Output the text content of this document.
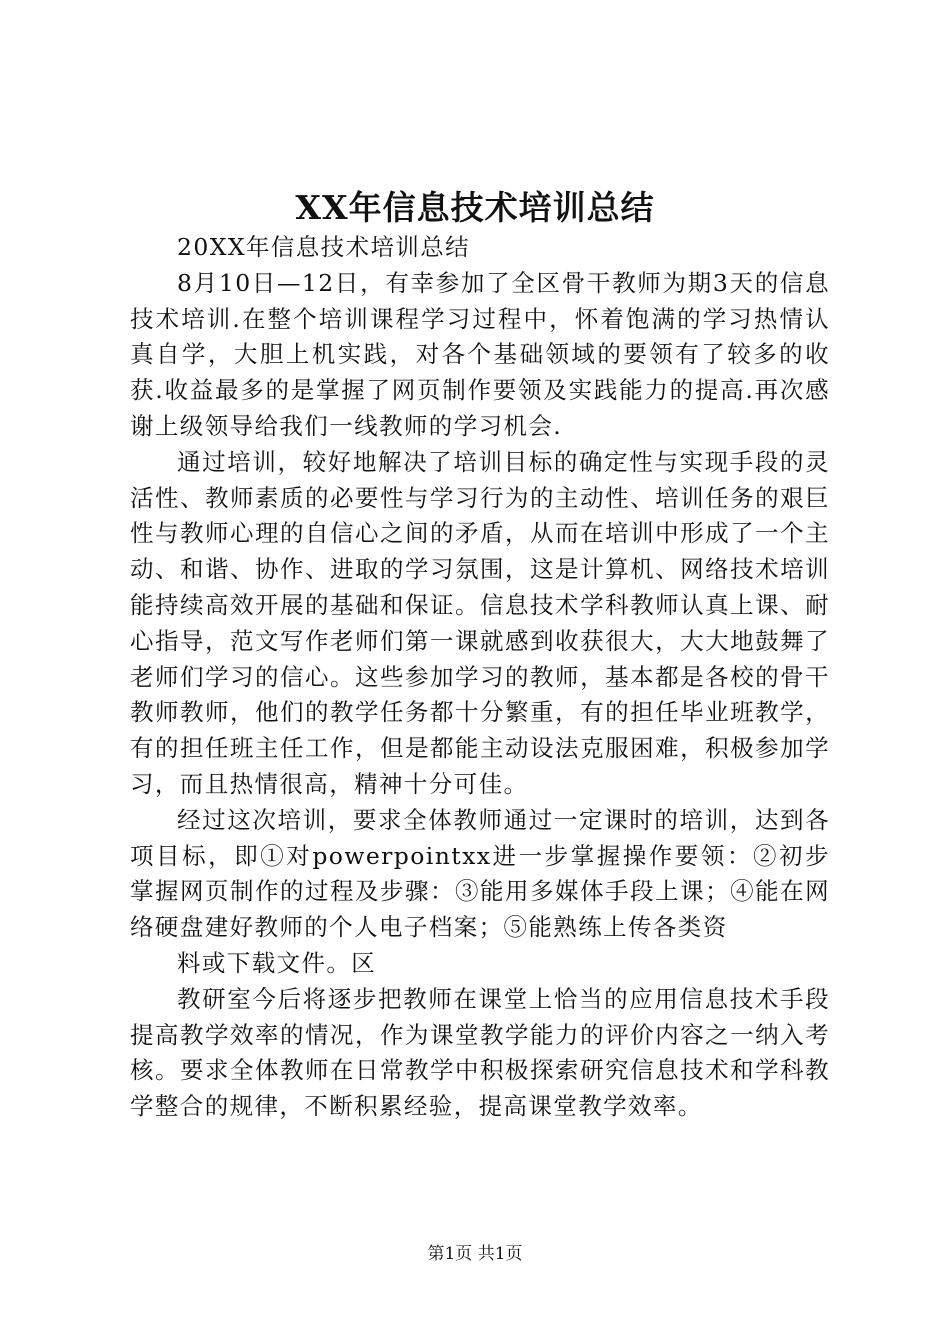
XX年信息技术培训总结

20XX年信息技术培训总结

8月10日—12日，有幸参加了全区骨干教师为期3天的信息技术培训.在整个培训课程学习过程中，怀着饱满的学习热情认真自学，大胆上机实践，对各个基础领域的要领有了较多的收获.收益最多的是掌握了网页制作要领及实践能力的提高.再次感谢上级领导给我们一线教师的学习机会.

通过培训，较好地解决了培训目标的确定性与实现手段的灵活性、教师素质的必要性与学习行为的主动性、培训任务的艰巨性与教师心理的自信心之间的矛盾，从而在培训中形成了一个主动、和谐、协作、进取的学习氛围，这是计算机、网络技术培训能持续高效开展的基础和保证。信息技术学科教师认真上课、耐心指导，范文写作老师们第一课就感到收获很大，大大地鼓舞了老师们学习的信心。这些参加学习的教师，基本都是各校的骨干教师教师，他们的教学任务都十分繁重，有的担任毕业班教学，有的担任班主任工作，但是都能主动设法克服困难，积极参加学习，而且热情很高，精神十分可佳。

经过这次培训，要求全体教师通过一定课时的培训，达到各项目标，即①对powerpointxx进一步掌握操作要领：②初步掌握网页制作的过程及步骤：③能用多媒体手段上课；④能在网络硬盘建好教师的个人电子档案；⑤能熟练上传各类资

料或下载文件。区

教研室今后将逐步把教师在课堂上恰当的应用信息技术手段提高教学效率的情况，作为课堂教学能力的评价内容之一纳入考核。要求全体教师在日常教学中积极探索研究信息技术和学科教学整合的规律，不断积累经验，提高课堂教学效率。

第1页 共1页
